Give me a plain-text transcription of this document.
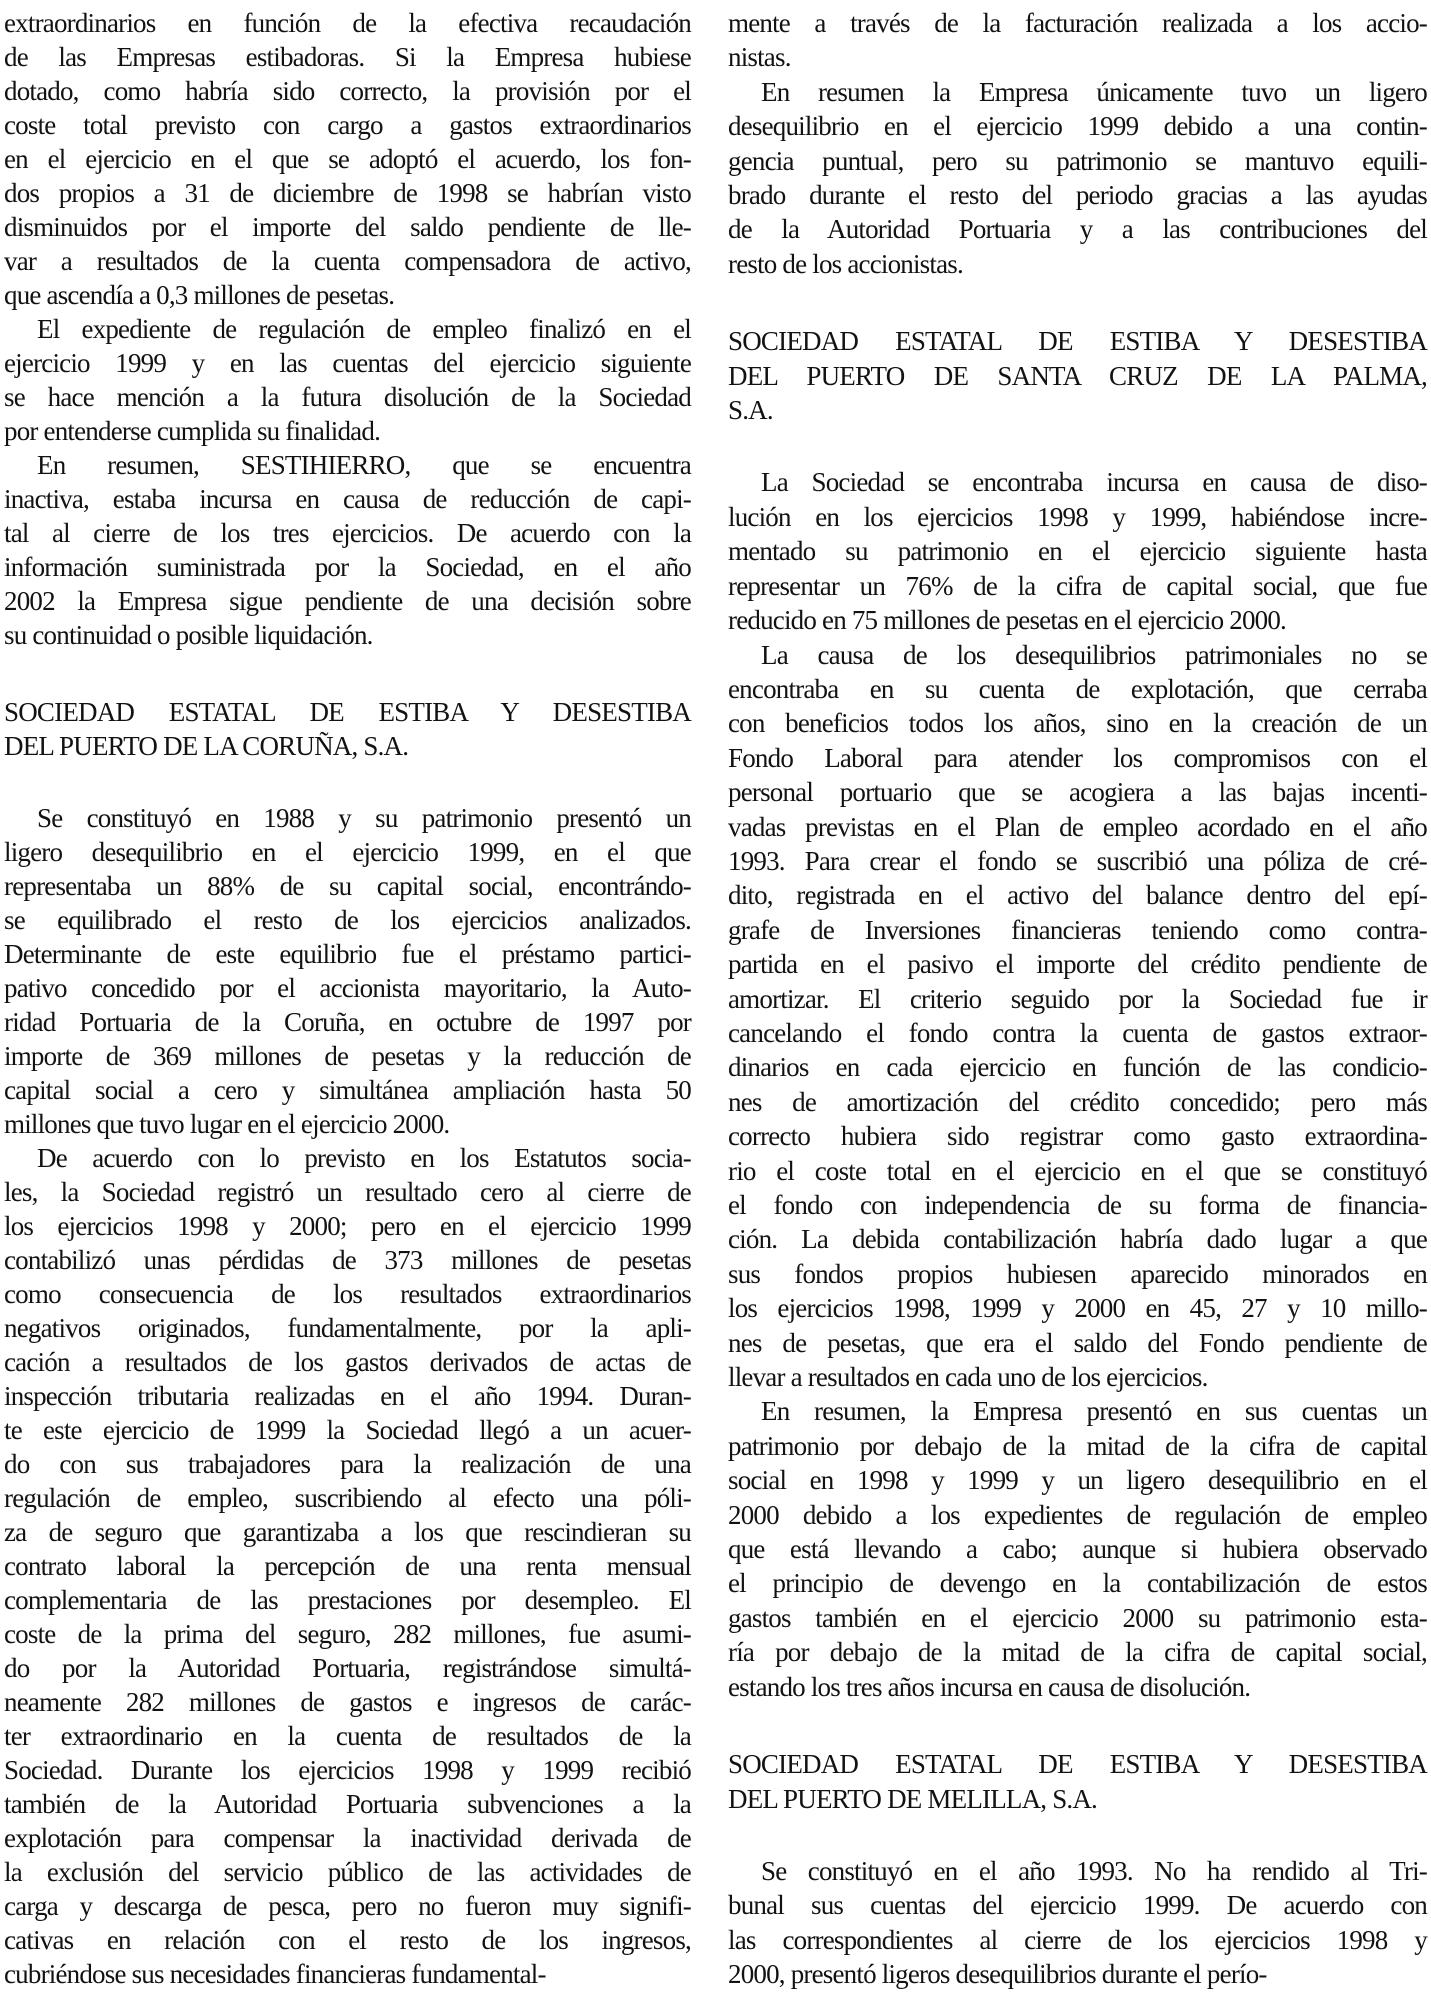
extraordinarios en función de la efectiva recaudación
de las Empresas estibadoras. Si la Empresa hubiese
dotado, como habría sido correcto, la provisión por el
coste total previsto con cargo a gastos extraordinarios
en el ejercicio en el que se adoptó el acuerdo, los fon-
dos propios a 31 de diciembre de 1998 se habrían visto
disminuidos por el importe del saldo pendiente de lle-
var a resultados de la cuenta compensadora de activo,
que ascendía a 0,3 millones de pesetas.
El expediente de regulación de empleo finalizó en el
ejercicio 1999 y en las cuentas del ejercicio siguiente
se hace mención a la futura disolución de la Sociedad
por entenderse cumplida su finalidad.
En resumen, SESTIHIERRO, que se encuentra
inactiva, estaba incursa en causa de reducción de capi-
tal al cierre de los tres ejercicios. De acuerdo con la
información suministrada por la Sociedad, en el año
2002 la Empresa sigue pendiente de una decisión sobre
su continuidad o posible liquidación.
SOCIEDAD ESTATAL DE ESTIBA Y DESESTIBA
DEL PUERTO DE LA CORUÑA, S.A.
Se constituyó en 1988 y su patrimonio presentó un
ligero desequilibrio en el ejercicio 1999, en el que
representaba un 88% de su capital social, encontrándo-
se equilibrado el resto de los ejercicios analizados.
Determinante de este equilibrio fue el préstamo partici-
pativo concedido por el accionista mayoritario, la Auto-
ridad Portuaria de la Coruña, en octubre de 1997 por
importe de 369 millones de pesetas y la reducción de
capital social a cero y simultánea ampliación hasta 50
millones que tuvo lugar en el ejercicio 2000.
De acuerdo con lo previsto en los Estatutos socia-
les, la Sociedad registró un resultado cero al cierre de
los ejercicios 1998 y 2000; pero en el ejercicio 1999
contabilizó unas pérdidas de 373 millones de pesetas
como consecuencia de los resultados extraordinarios
negativos originados, fundamentalmente, por la apli-
cación a resultados de los gastos derivados de actas de
inspección tributaria realizadas en el año 1994. Duran-
te este ejercicio de 1999 la Sociedad llegó a un acuer-
do con sus trabajadores para la realización de una
regulación de empleo, suscribiendo al efecto una póli-
za de seguro que garantizaba a los que rescindieran su
contrato laboral la percepción de una renta mensual
complementaria de las prestaciones por desempleo. El
coste de la prima del seguro, 282 millones, fue asumi-
do por la Autoridad Portuaria, registrándose simultá-
neamente 282 millones de gastos e ingresos de carác-
ter extraordinario en la cuenta de resultados de la
Sociedad. Durante los ejercicios 1998 y 1999 recibió
también de la Autoridad Portuaria subvenciones a la
explotación para compensar la inactividad derivada de
la exclusión del servicio público de las actividades de
carga y descarga de pesca, pero no fueron muy signifi-
cativas en relación con el resto de los ingresos,
cubriéndose sus necesidades financieras fundamental-
mente a través de la facturación realizada a los accio-
nistas.
En resumen la Empresa únicamente tuvo un ligero
desequilibrio en el ejercicio 1999 debido a una contin-
gencia puntual, pero su patrimonio se mantuvo equili-
brado durante el resto del periodo gracias a las ayudas
de la Autoridad Portuaria y a las contribuciones del
resto de los accionistas.
SOCIEDAD ESTATAL DE ESTIBA Y DESESTIBA
DEL PUERTO DE SANTA CRUZ DE LA PALMA,
S.A.
La Sociedad se encontraba incursa en causa de diso-
lución en los ejercicios 1998 y 1999, habiéndose incre-
mentado su patrimonio en el ejercicio siguiente hasta
representar un 76% de la cifra de capital social, que fue
reducido en 75 millones de pesetas en el ejercicio 2000.
La causa de los desequilibrios patrimoniales no se
encontraba en su cuenta de explotación, que cerraba
con beneficios todos los años, sino en la creación de un
Fondo Laboral para atender los compromisos con el
personal portuario que se acogiera a las bajas incenti-
vadas previstas en el Plan de empleo acordado en el año
1993. Para crear el fondo se suscribió una póliza de cré-
dito, registrada en el activo del balance dentro del epí-
grafe de Inversiones financieras teniendo como contra-
partida en el pasivo el importe del crédito pendiente de
amortizar. El criterio seguido por la Sociedad fue ir
cancelando el fondo contra la cuenta de gastos extraor-
dinarios en cada ejercicio en función de las condicio-
nes de amortización del crédito concedido; pero más
correcto hubiera sido registrar como gasto extraordina-
rio el coste total en el ejercicio en el que se constituyó
el fondo con independencia de su forma de financia-
ción. La debida contabilización habría dado lugar a que
sus fondos propios hubiesen aparecido minorados en
los ejercicios 1998, 1999 y 2000 en 45, 27 y 10 millo-
nes de pesetas, que era el saldo del Fondo pendiente de
llevar a resultados en cada uno de los ejercicios.
En resumen, la Empresa presentó en sus cuentas un
patrimonio por debajo de la mitad de la cifra de capital
social en 1998 y 1999 y un ligero desequilibrio en el
2000 debido a los expedientes de regulación de empleo
que está llevando a cabo; aunque si hubiera observado
el principio de devengo en la contabilización de estos
gastos también en el ejercicio 2000 su patrimonio esta-
ría por debajo de la mitad de la cifra de capital social,
estando los tres años incursa en causa de disolución.
SOCIEDAD ESTATAL DE ESTIBA Y DESESTIBA
DEL PUERTO DE MELILLA, S.A.
Se constituyó en el año 1993. No ha rendido al Tri-
bunal sus cuentas del ejercicio 1999. De acuerdo con
las correspondientes al cierre de los ejercicios 1998 y
2000, presentó ligeros desequilibrios durante el perío-
